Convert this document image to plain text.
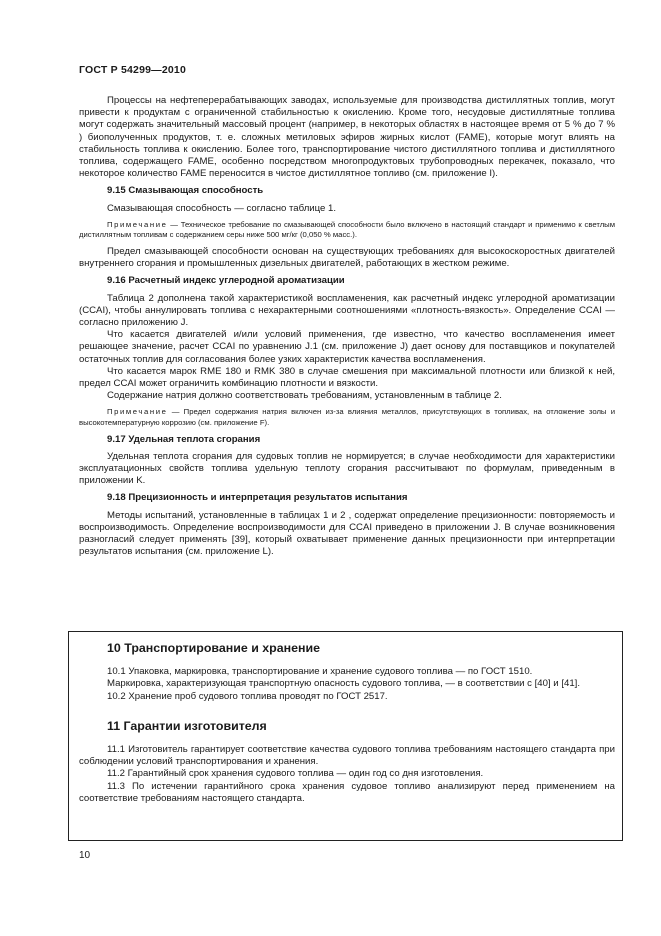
ГОСТ Р 54299—2010

Процессы на нефтеперерабатывающих заводах, используемые для производства дистиллятных топлив, могут привести к продуктам с ограниченной стабильностью к окислению. Кроме того, несудовые дистиллятные топлива могут содержать значительный массовый процент (например, в некоторых областях в настоящее время от 5 % до 7 % ) биополученных продуктов, т. е. сложных метиловых эфиров жирных кислот (FAME), которые могут влиять на стабильность топлива к окислению. Более того, транспортирование чистого дистиллятного топлива и дистиллятного топлива, содержащего FAME, особенно посредством многопродуктовых трубопроводных перекачек, показало, что некоторое количество FAME переносится в чистое дистиллятное топливо (см. приложение I).

9.15 Смазывающая способность

Смазывающая способность — согласно таблице 1.

Примечание — Техническое требование по смазывающей способности было включено в настоящий стандарт и применимо к светлым дистиллятным топливам с содержанием серы ниже 500 мг/кг (0,050 % масс.).

Предел смазывающей способности основан на существующих требованиях для высокоскоростных двигателей внутреннего сгорания и промышленных дизельных двигателей, работающих в жестком режиме.

9.16 Расчетный индекс углеродной ароматизации

Таблица 2 дополнена такой характеристикой воспламенения, как расчетный индекс углеродной ароматизации (CCAI), чтобы аннулировать топлива с нехарактерными соотношениями «плотность-вязкость». Определение CCAI — согласно приложению J.

Что касается двигателей и/или условий применения, где известно, что качество воспламенения имеет решающее значение, расчет CCAI по уравнению J.1 (см. приложение J) дает основу для поставщиков и покупателей остаточных топлив для согласования более узких характеристик качества воспламенения.

Что касается марок RME 180 и RMK 380 в случае смешения при максимальной плотности или близкой к ней, предел CCAI может ограничить комбинацию плотности и вязкости.

Содержание натрия должно соответствовать требованиям, установленным в таблице 2.

Примечание — Предел содержания натрия включен из-за влияния металлов, присутствующих в топливах, на отложение золы и высокотемпературную коррозию (см. приложение F).

9.17 Удельная теплота сгорания

Удельная теплота сгорания для судовых топлив не нормируется; в случае необходимости для характеристики эксплуатационных свойств топлива удельную теплоту сгорания рассчитывают по формулам, приведенным в приложении K.

9.18 Прецизионность и интерпретация результатов испытания

Методы испытаний, установленные в таблицах 1 и 2 , содержат определение прецизионности: повторяемость и воспроизводимость. Определение воспроизводимости для CCAI приведено в приложении J. В случае возникновения разногласий следует применять [39], который охватывает применение данных прецизионности при интерпретации результатов испытания (см. приложение L).

10 Транспортирование и хранение

10.1 Упаковка, маркировка, транспортирование и хранение судового топлива — по ГОСТ 1510.

Маркировка, характеризующая транспортную опасность судового топлива, — в соответствии с [40] и [41].

10.2 Хранение проб судового топлива проводят по ГОСТ 2517.

11 Гарантии изготовителя

11.1 Изготовитель гарантирует соответствие качества судового топлива требованиям настоящего стандарта при соблюдении условий транспортирования и хранения.

11.2 Гарантийный срок хранения судового топлива — один год со дня изготовления.

11.3 По истечении гарантийного срока хранения судовое топливо анализируют перед применением на соответствие требованиям настоящего стандарта.

10
